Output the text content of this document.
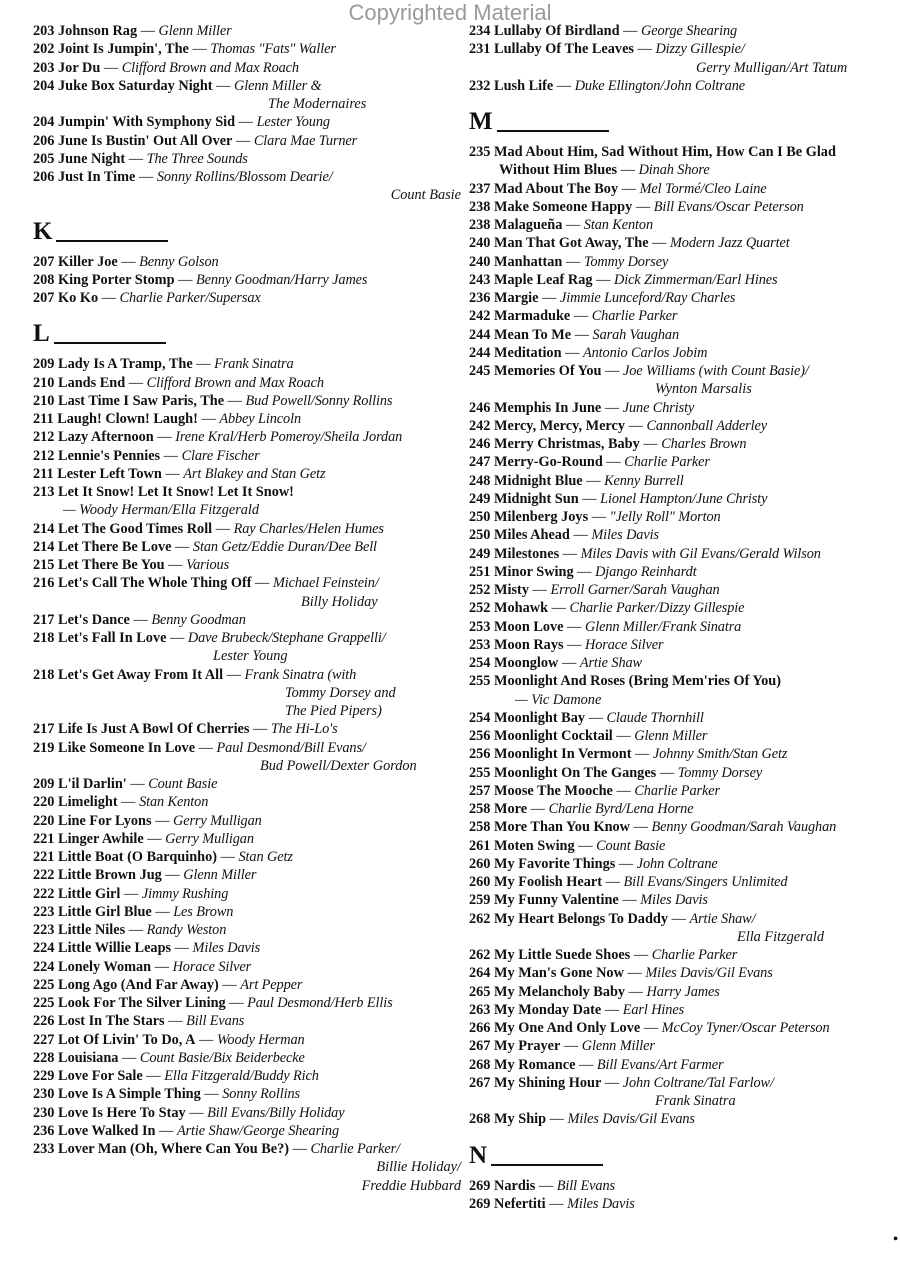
Copyrighted Material
203 Johnson Rag — Glenn Miller
202 Joint Is Jumpin', The — Thomas "Fats" Waller
203 Jor Du — Clifford Brown and Max Roach
204 Juke Box Saturday Night — Glenn Miller &
The Modernaires
204 Jumpin' With Symphony Sid — Lester Young
206 June Is Bustin' Out All Over — Clara Mae Turner
205 June Night — The Three Sounds
206 Just In Time — Sonny Rollins/Blossom Dearie/
Count Basie
K
207 Killer Joe — Benny Golson
208 King Porter Stomp — Benny Goodman/Harry James
207 Ko Ko — Charlie Parker/Supersax
L
209 Lady Is A Tramp, The — Frank Sinatra
210 Lands End — Clifford Brown and Max Roach
210 Last Time I Saw Paris, The — Bud Powell/Sonny Rollins
211 Laugh! Clown! Laugh! — Abbey Lincoln
212 Lazy Afternoon — Irene Kral/Herb Pomeroy/Sheila Jordan
212 Lennie's Pennies — Clare Fischer
211 Lester Left Town — Art Blakey and Stan Getz
213 Let It Snow! Let It Snow! Let It Snow!
— Woody Herman/Ella Fitzgerald
214 Let The Good Times Roll — Ray Charles/Helen Humes
214 Let There Be Love — Stan Getz/Eddie Duran/Dee Bell
215 Let There Be You — Various
216 Let's Call The Whole Thing Off — Michael Feinstein/
Billy Holiday
217 Let's Dance — Benny Goodman
218 Let's Fall In Love — Dave Brubeck/Stephane Grappelli/
Lester Young
218 Let's Get Away From It All — Frank Sinatra (with
Tommy Dorsey and
The Pied Pipers)
217 Life Is Just A Bowl Of Cherries — The Hi-Lo's
219 Like Someone In Love — Paul Desmond/Bill Evans/
Bud Powell/Dexter Gordon
209 L'il Darlin' — Count Basie
220 Limelight — Stan Kenton
220 Line For Lyons — Gerry Mulligan
221 Linger Awhile — Gerry Mulligan
221 Little Boat (O Barquinho) — Stan Getz
222 Little Brown Jug — Glenn Miller
222 Little Girl — Jimmy Rushing
223 Little Girl Blue — Les Brown
223 Little Niles — Randy Weston
224 Little Willie Leaps — Miles Davis
224 Lonely Woman — Horace Silver
225 Long Ago (And Far Away) — Art Pepper
225 Look For The Silver Lining — Paul Desmond/Herb Ellis
226 Lost In The Stars — Bill Evans
227 Lot Of Livin' To Do, A — Woody Herman
228 Louisiana — Count Basie/Bix Beiderbecke
229 Love For Sale — Ella Fitzgerald/Buddy Rich
230 Love Is A Simple Thing — Sonny Rollins
230 Love Is Here To Stay — Bill Evans/Billy Holiday
236 Love Walked In — Artie Shaw/George Shearing
233 Lover Man (Oh, Where Can You Be?) — Charlie Parker/
Billie Holiday/
Freddie Hubbard
234 Lullaby Of Birdland — George Shearing
231 Lullaby Of The Leaves — Dizzy Gillespie/
Gerry Mulligan/Art Tatum
232 Lush Life — Duke Ellington/John Coltrane
M
235 Mad About Him, Sad Without Him, How Can I Be Glad
Without Him Blues — Dinah Shore
237 Mad About The Boy — Mel Tormé/Cleo Laine
238 Make Someone Happy — Bill Evans/Oscar Peterson
238 Malagueña — Stan Kenton
240 Man That Got Away, The — Modern Jazz Quartet
240 Manhattan — Tommy Dorsey
243 Maple Leaf Rag — Dick Zimmerman/Earl Hines
236 Margie — Jimmie Lunceford/Ray Charles
242 Marmaduke — Charlie Parker
244 Mean To Me — Sarah Vaughan
244 Meditation — Antonio Carlos Jobim
245 Memories Of You — Joe Williams (with Count Basie)/
Wynton Marsalis
246 Memphis In June — June Christy
242 Mercy, Mercy, Mercy — Cannonball Adderley
246 Merry Christmas, Baby — Charles Brown
247 Merry-Go-Round — Charlie Parker
248 Midnight Blue — Kenny Burrell
249 Midnight Sun — Lionel Hampton/June Christy
250 Milenberg Joys — "Jelly Roll" Morton
250 Miles Ahead — Miles Davis
249 Milestones — Miles Davis with Gil Evans/Gerald Wilson
251 Minor Swing — Django Reinhardt
252 Misty — Erroll Garner/Sarah Vaughan
252 Mohawk — Charlie Parker/Dizzy Gillespie
253 Moon Love — Glenn Miller/Frank Sinatra
253 Moon Rays — Horace Silver
254 Moonglow — Artie Shaw
255 Moonlight And Roses (Bring Mem'ries Of You)
— Vic Damone
254 Moonlight Bay — Claude Thornhill
256 Moonlight Cocktail — Glenn Miller
256 Moonlight In Vermont — Johnny Smith/Stan Getz
255 Moonlight On The Ganges — Tommy Dorsey
257 Moose The Mooche — Charlie Parker
258 More — Charlie Byrd/Lena Horne
258 More Than You Know — Benny Goodman/Sarah Vaughan
261 Moten Swing — Count Basie
260 My Favorite Things — John Coltrane
260 My Foolish Heart — Bill Evans/Singers Unlimited
259 My Funny Valentine — Miles Davis
262 My Heart Belongs To Daddy — Artie Shaw/
Ella Fitzgerald
262 My Little Suede Shoes — Charlie Parker
264 My Man's Gone Now — Miles Davis/Gil Evans
265 My Melancholy Baby — Harry James
263 My Monday Date — Earl Hines
266 My One And Only Love — McCoy Tyner/Oscar Peterson
267 My Prayer — Glenn Miller
268 My Romance — Bill Evans/Art Farmer
267 My Shining Hour — John Coltrane/Tal Farlow/
Frank Sinatra
268 My Ship — Miles Davis/Gil Evans
N
269 Nardis — Bill Evans
269 Nefertiti — Miles Davis
•
